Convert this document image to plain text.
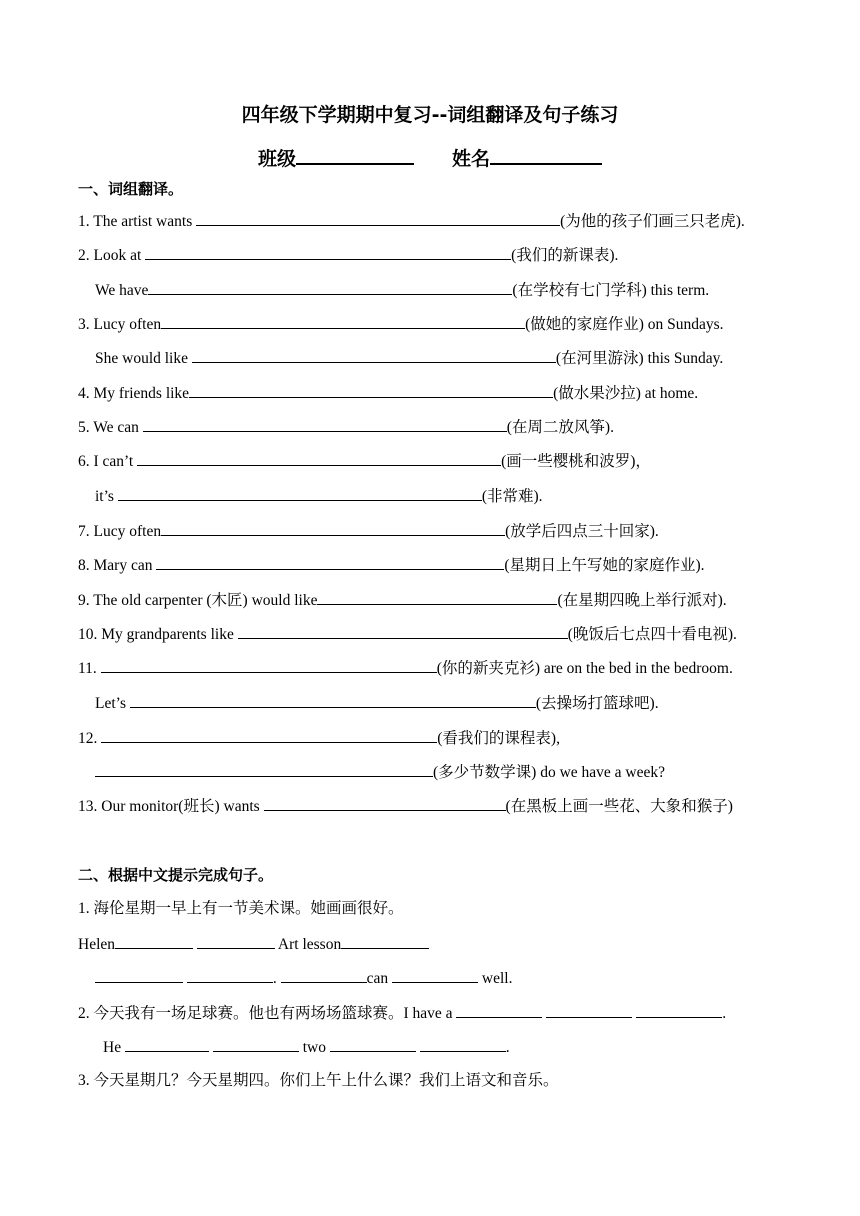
四年级下学期期中复习--词组翻译及句子练习
班级	姓名
一、词组翻译。
1. The artist wants	(为他的孩子们画三只老虎).
2. Look at	(我们的新课表).
We have	(在学校有七门学科) this term.
3. Lucy often	(做她的家庭作业) on Sundays.
She would like	(在河里游泳) this Sunday.
4. My friends like	(做水果沙拉) at home.
5. We can	(在周二放风筝).
6. I can’t	(画一些樱桃和波罗)，
it’s	(非常难).
7. Lucy often	(放学后四点三十回家).
8. Mary can	(星期日上午写她的家庭作业).
9. The old carpenter (木匠) would like	(在星期四晚上举行派对).
10. My grandparents like	(晚饭后七点四十看电视).
11.	(你的新夹克衫) are on the bed in the bedroom.
Let’s	(去操场打篮球吧).
12.	(看我们的课程表),
(多少节数学课) do we have a week?
13. Our monitor(班长) wants	(在黑板上画一些花、大象和猴子)
二、根据中文提示完成句子。
1. 海伦星期一早上有一节美术课。她画画很好。
Helen	Art lesson
.	can	well.
2. 今天我有一场足球赛。他也有两场场篮球赛。I have a	.
He	two	.
3. 今天星期几？今天星期四。你们上午上什么课？我们上语文和音乐。
